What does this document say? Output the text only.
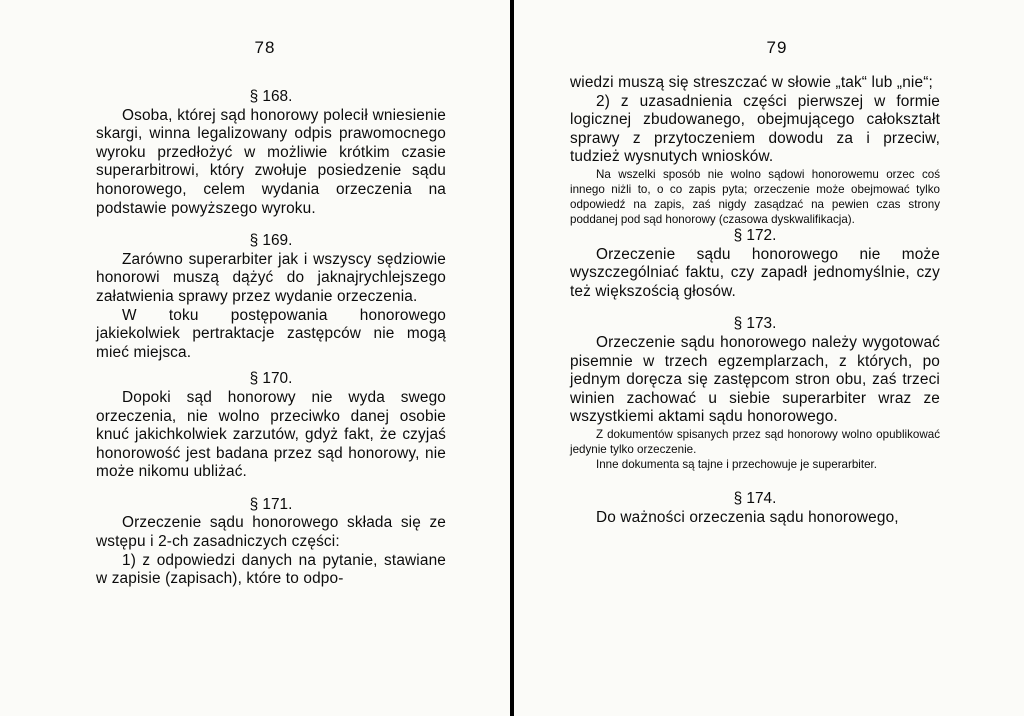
78

§ 168.

Osoba, której sąd honorowy polecił wniesienie skargi, winna legalizowany odpis prawomocnego wyroku przedłożyć w możliwie krótkim czasie superarbitrowi, który zwołuje posiedzenie sądu honorowego, celem wydania orzeczenia na podstawie powyższego wyroku.

§ 169.

Zarówno superarbiter jak i wszyscy sędziowie honorowi muszą dążyć do jaknajrychlejszego załatwienia sprawy przez wydanie orzeczenia.

W toku postępowania honorowego jakiekolwiek pertraktacje zastępców nie mogą mieć miejsca.

§ 170.

Dopoki sąd honorowy nie wyda swego orzeczenia, nie wolno przeciwko danej osobie knuć jakichkolwiek zarzutów, gdyż fakt, że czyjaś honorowość jest badana przez sąd honorowy, nie może nikomu ubliżać.

§ 171.

Orzeczenie sądu honorowego składa się ze wstępu i 2-ch zasadniczych części:

1) z odpowiedzi danych na pytanie, stawiane w zapisie (zapisach), które to odpo-

79

wiedzi muszą się streszczać w słowie „tak“ lub „nie“;

2) z uzasadnienia części pierwszej w formie logicznej zbudowanego, obejmującego całokształt sprawy z przytoczeniem dowodu za i przeciw, tudzież wysnutych wniosków.

Na wszelki sposób nie wolno sądowi honorowemu orzec coś innego niżli to, o co zapis pyta; orzeczenie może obejmować tylko odpowiedź na zapis, zaś nigdy zasądzać na pewien czas strony poddanej pod sąd honorowy (czasowa dyskwalifikacja).

§ 172.

Orzeczenie sądu honorowego nie może wyszczególniać faktu, czy zapadł jednomyślnie, czy też większością głosów.

§ 173.

Orzeczenie sądu honorowego należy wygotować pisemnie w trzech egzemplarzach, z których, po jednym doręcza się zastępcom stron obu, zaś trzeci winien zachować u siebie superarbiter wraz ze wszystkiemi aktami sądu honorowego.

Z dokumentów spisanych przez sąd honorowy wolno opublikować jedynie tylko orzeczenie.

Inne dokumenta są tajne i przechowuje je superarbiter.

§ 174.

Do ważności orzeczenia sądu honorowego,
